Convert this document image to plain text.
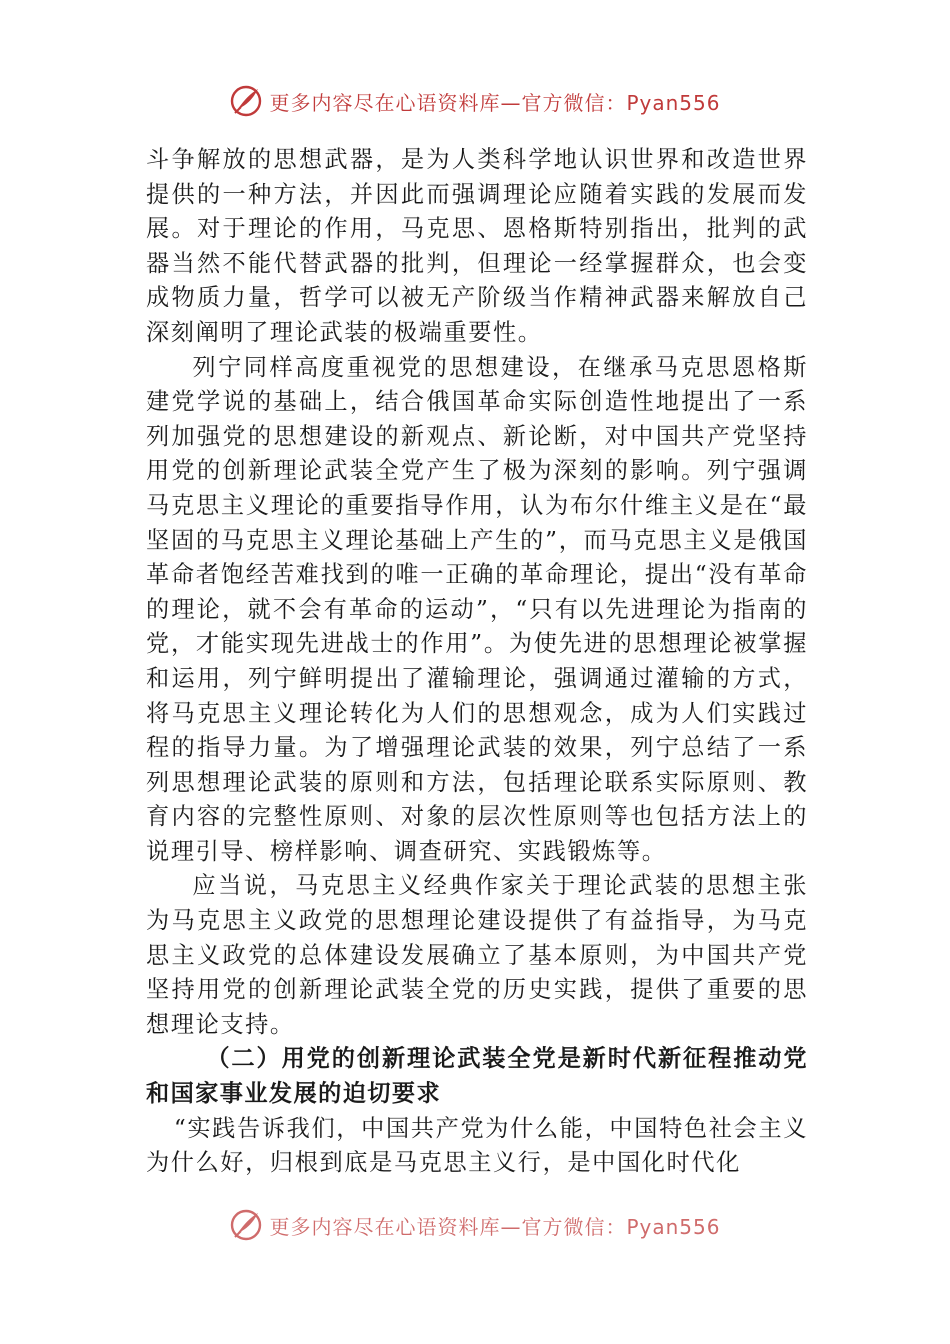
更多内容尽在心语资料库—官方微信：Pyan556

斗争解放的思想武器，是为人类科学地认识世界和改造世界提供的一种方法，并因此而强调理论应随着实践的发展而发展。对于理论的作用，马克思、恩格斯特别指出，批判的武器当然不能代替武器的批判，但理论一经掌握群众，也会变成物质力量，哲学可以被无产阶级当作精神武器来解放自己深刻阐明了理论武装的极端重要性。

列宁同样高度重视党的思想建设，在继承马克思恩格斯建党学说的基础上，结合俄国革命实际创造性地提出了一系列加强党的思想建设的新观点、新论断，对中国共产党坚持用党的创新理论武装全党产生了极为深刻的影响。列宁强调马克思主义理论的重要指导作用，认为布尔什维主义是在“最坚固的马克思主义理论基础上产生的”，而马克思主义是俄国革命者饱经苦难找到的唯一正确的革命理论，提出“没有革命的理论，就不会有革命的运动”，“只有以先进理论为指南的党，才能实现先进战士的作用”。为使先进的思想理论被掌握和运用，列宁鲜明提出了灌输理论，强调通过灌输的方式，将马克思主义理论转化为人们的思想观念，成为人们实践过程的指导力量。为了增强理论武装的效果，列宁总结了一系列思想理论武装的原则和方法，包括理论联系实际原则、教育内容的完整性原则、对象的层次性原则等也包括方法上的说理引导、榜样影响、调查研究、实践锻炼等。

应当说，马克思主义经典作家关于理论武装的思想主张为马克思主义政党的思想理论建设提供了有益指导，为马克思主义政党的总体建设发展确立了基本原则，为中国共产党坚持用党的创新理论武装全党的历史实践，提供了重要的思想理论支持。

（二）用党的创新理论武装全党是新时代新征程推动党和国家事业发展的迫切要求

“实践告诉我们，中国共产党为什么能，中国特色社会主义为什么好，归根到底是马克思主义行，是中国化时代化

更多内容尽在心语资料库—官方微信：Pyan556
